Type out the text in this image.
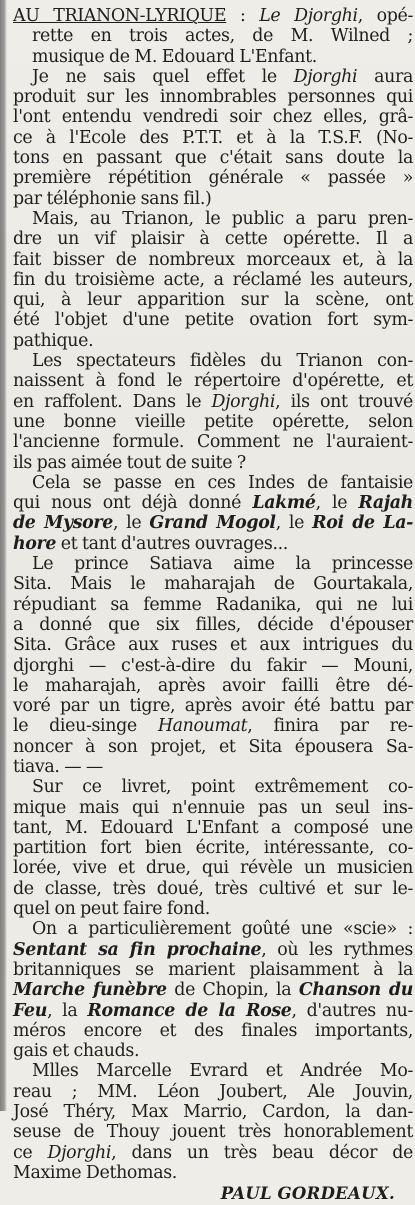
AU TRIANON-LYRIQUE : Le Djorghi, opé-
rette en trois actes, de M. Wilned ;
musique de M. Edouard L'Enfant.
Je ne sais quel effet le Djorghi aura
produit sur les innombrables personnes qui
l'ont entendu vendredi soir chez elles, grâ-
ce à l'Ecole des P.T.T. et à la T.S.F. (No-
tons en passant que c'était sans doute la
première répétition générale « passée »
par téléphonie sans fil.)
Mais, au Trianon, le public a paru pren-
dre un vif plaisir à cette opérette. Il a
fait bisser de nombreux morceaux et, à la
fin du troisième acte, a réclamé les auteurs,
qui, à leur apparition sur la scène, ont
été l'objet d'une petite ovation fort sym-
pathique.
Les spectateurs fidèles du Trianon con-
naissent à fond le répertoire d'opérette, et
en raffolent. Dans le Djorghi, ils ont trouvé
une bonne vieille petite opérette, selon
l'ancienne formule. Comment ne l'auraient-
ils pas aimée tout de suite ?
Cela se passe en ces Indes de fantaisie
qui nous ont déjà donné Lakmé, le Rajah
de Mysore, le Grand Mogol, le Roi de La-
hore et tant d'autres ouvrages...
Le prince Satiava aime la princesse
Sita. Mais le maharajah de Gourtakala,
répudiant sa femme Radanika, qui ne lui
a donné que six filles, décide d'épouser
Sita. Grâce aux ruses et aux intrigues du
djorghi — c'est-à-dire du fakir — Mouni,
le maharajah, après avoir failli être dé-
voré par un tigre, après avoir été battu par
le dieu-singe Hanoumat, finira par re-
noncer à son projet, et Sita épousera Sa-
tiava. — —
Sur ce livret, point extrêmement co-
mique mais qui n'ennuie pas un seul ins-
tant, M. Edouard L'Enfant a composé une
partition fort bien écrite, intéressante, co-
lorée, vive et drue, qui révèle un musicien
de classe, très doué, très cultivé et sur le-
quel on peut faire fond.
On a particulièrement goûté une «scie» :
Sentant sa fin prochaine, où les rythmes
britanniques se marient plaisamment à la
Marche funèbre de Chopin, la Chanson du
Feu, la Romance de la Rose, d'autres nu-
méros encore et des finales importants,
gais et chauds.
Mlles Marcelle Evrard et Andrée Mo-
reau ; MM. Léon Joubert, Ale Jouvin,
José Théry, Max Marrio, Cardon, la dan-
seuse de Thouy jouent très honorablement
ce Djorghi, dans un très beau décor de
Maxime Dethomas.
PAUL GORDEAUX.
